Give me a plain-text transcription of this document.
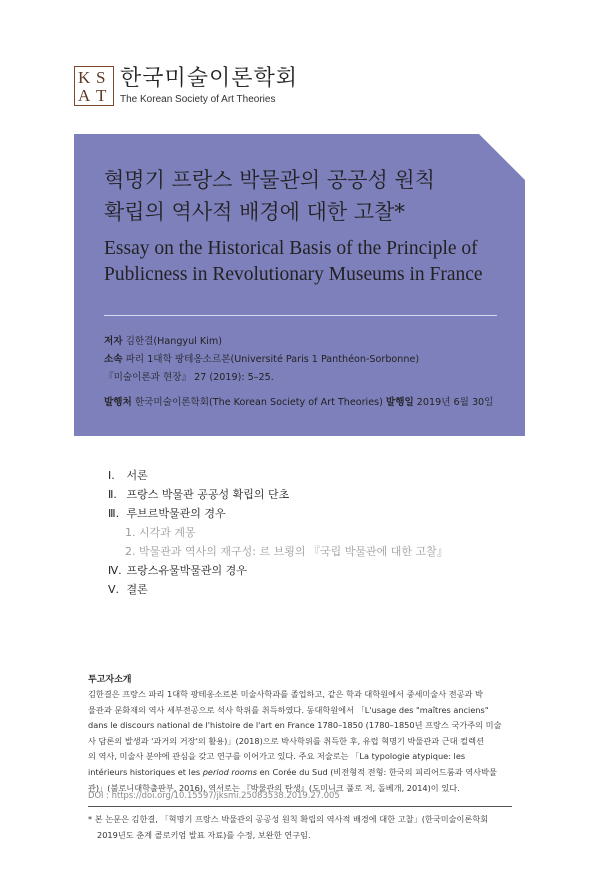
K S
A T
한국미술이론학회
The Korean Society of Art Theories
혁명기 프랑스 박물관의 공공성 원칙
확립의 역사적 배경에 대한 고찰*
Essay on the Historical Basis of the Principle of
Publicness in Revolutionary Museums in France
저자 김한결(Hangyul Kim)
소속 파리 1대학 팡테옹소르본(Université Paris 1 Panthéon-Sorbonne)
『미술이론과 현장』 27 (2019): 5–25.
발행처 한국미술이론학회(The Korean Society of Art Theories) 발행일 2019년 6월 30일
Ⅰ. 서론
Ⅱ. 프랑스 박물관 공공성 확립의 단초
Ⅲ. 루브르박물관의 경우
1. 시각과 계몽
2. 박물관과 역사의 재구성: 르 브룅의 『국립 박물관에 대한 고찰』
Ⅳ. 프랑스유물박물관의 경우
Ⅴ. 결론
투고자소개
김한결은 프랑스 파리 1대학 팡테옹소르본 미술사학과를 졸업하고, 같은 학과 대학원에서 중세미술사 전공과 박
물관과 문화재의 역사 세부전공으로 석사 학위를 취득하였다. 동대학원에서 「L'usage des "maîtres anciens"
dans le discours national de l'histoire de l'art en France 1780–1850 (1780–1850년 프랑스 국가주의 미술
사 담론의 발생과 '과거의 거장'의 활용)」(2018)으로 박사학위를 취득한 후, 유럽 혁명기 박물관과 근대 컬렉션
의 역사, 미술사 분야에 관심을 갖고 연구를 이어가고 있다. 주요 저술로는 「La typologie atypique: les
intérieurs historiques et les period rooms en Corée du Sud (비전형적 전형: 한국의 피리어드룸과 역사박물
관)」(불로니대학출판부, 2016), 역서로는 『박물관의 탄생』(도미니크 풀로 저, 돌베개, 2014)이 있다.
DOI : https://doi.org/10.15597/jksmi.25083538.2019.27.005
* 본 논문은 김한결, 「혁명기 프랑스 박물관의 공공성 원칙 확립의 역사적 배경에 대한 고찰」(한국미술이론학회
2019년도 춘계 콜로키엄 발표 자료)를 수정, 보완한 연구임.
